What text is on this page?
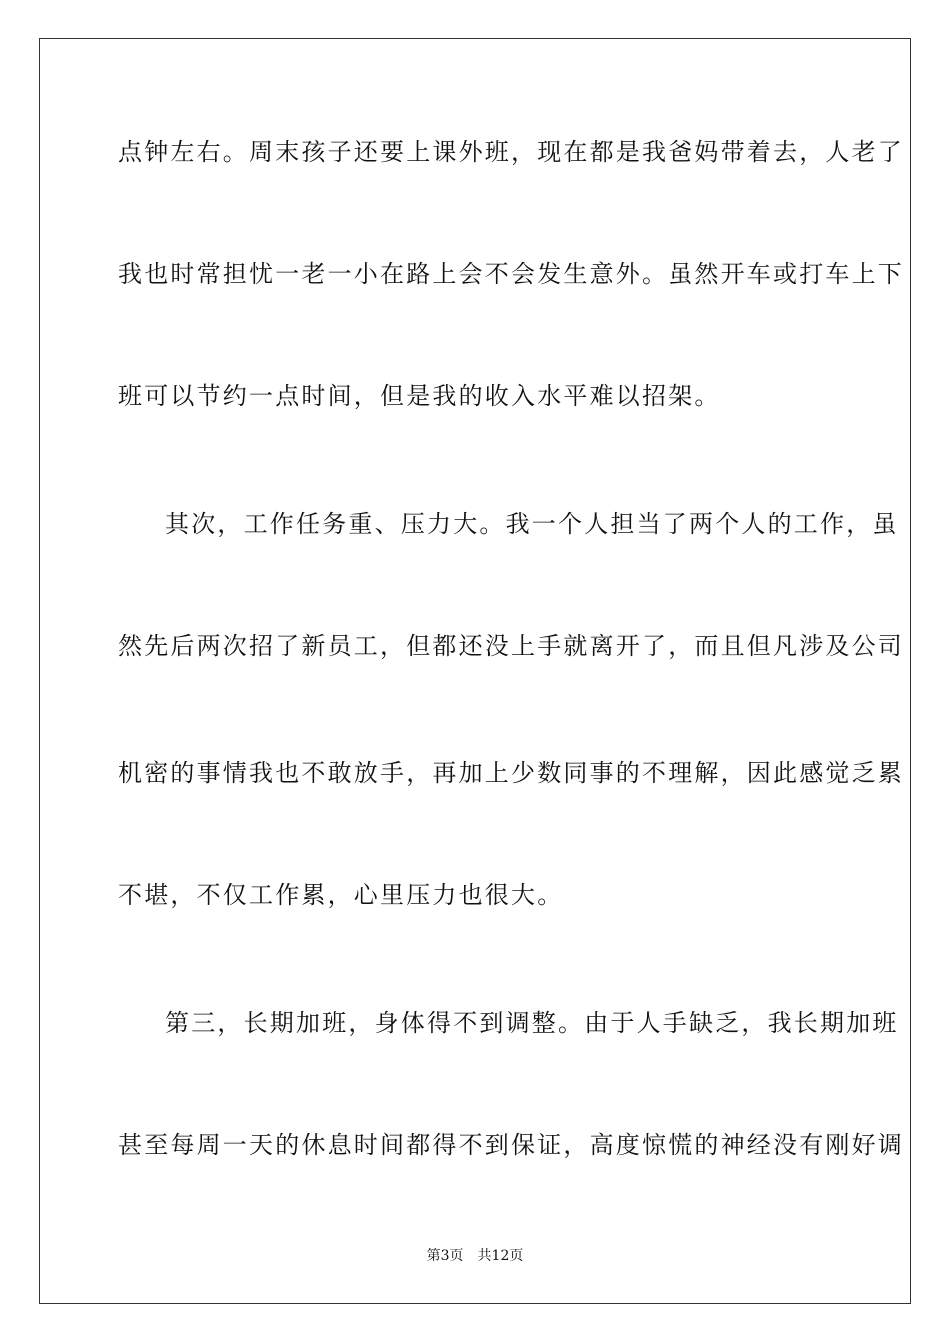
点钟左右。周末孩子还要上课外班，现在都是我爸妈带着去，人老了
我也时常担忧一老一小在路上会不会发生意外。虽然开车或打车上下
班可以节约一点时间，但是我的收入水平难以招架。
其次，工作任务重、压力大。我一个人担当了两个人的工作，虽
然先后两次招了新员工，但都还没上手就离开了，而且但凡涉及公司
机密的事情我也不敢放手，再加上少数同事的不理解，因此感觉乏累
不堪，不仅工作累，心里压力也很大。
第三，长期加班，身体得不到调整。由于人手缺乏，我长期加班
甚至每周一天的休息时间都得不到保证，高度惊慌的神经没有刚好调
第3页 共12页
